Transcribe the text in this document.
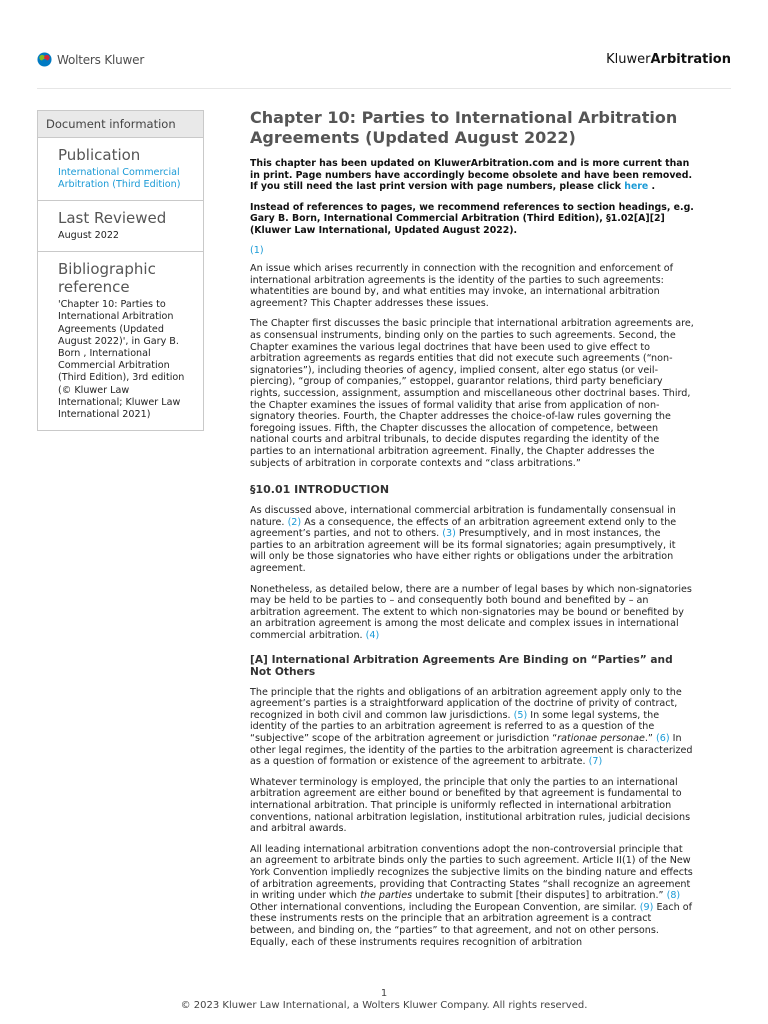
Wolters Kluwer	KluwerArbitration
Document information
Publication
International Commercial Arbitration (Third Edition)
Last Reviewed
August 2022
Bibliographic reference
'Chapter 10: Parties to International Arbitration Agreements (Updated August 2022)', in Gary B. Born , International Commercial Arbitration (Third Edition), 3rd edition (© Kluwer Law International; Kluwer Law International 2021)
Chapter 10: Parties to International Arbitration Agreements (Updated August 2022)
This chapter has been updated on KluwerArbitration.com and is more current than in print. Page numbers have accordingly become obsolete and have been removed. If you still need the last print version with page numbers, please click here .
Instead of references to pages, we recommend references to section headings, e.g. Gary B. Born, International Commercial Arbitration (Third Edition), §1.02[A][2] (Kluwer Law International, Updated August 2022).
(1)

An issue which arises recurrently in connection with the recognition and enforcement of international arbitration agreements is the identity of the parties to such agreements: whatentities are bound by, and what entities may invoke, an international arbitration agreement? This Chapter addresses these issues.

The Chapter first discusses the basic principle that international arbitration agreements are, as consensual instruments, binding only on the parties to such agreements. Second, the Chapter examines the various legal doctrines that have been used to give effect to arbitration agreements as regards entities that did not execute such agreements (“non-signatories”), including theories of agency, implied consent, alter ego status (or veil-piercing), “group of companies,” estoppel, guarantor relations, third party beneficiary rights, succession, assignment, assumption and miscellaneous other doctrinal bases. Third, the Chapter examines the issues of formal validity that arise from application of non-signatory theories. Fourth, the Chapter addresses the choice-of-law rules governing the foregoing issues. Fifth, the Chapter discusses the allocation of competence, between national courts and arbitral tribunals, to decide disputes regarding the identity of the parties to an international arbitration agreement. Finally, the Chapter addresses the subjects of arbitration in corporate contexts and “class arbitrations.”

§10.01 INTRODUCTION

As discussed above, international commercial arbitration is fundamentally consensual in nature. (2) As a consequence, the effects of an arbitration agreement extend only to the agreement’s parties, and not to others. (3) Presumptively, and in most instances, the parties to an arbitration agreement will be its formal signatories; again presumptively, it will only be those signatories who have either rights or obligations under the arbitration agreement.

Nonetheless, as detailed below, there are a number of legal bases by which non-signatories may be held to be parties to – and consequently both bound and benefited by – an arbitration agreement. The extent to which non-signatories may be bound or benefited by an arbitration agreement is among the most delicate and complex issues in international commercial arbitration. (4)

[A] International Arbitration Agreements Are Binding on “Parties” and Not Others

The principle that the rights and obligations of an arbitration agreement apply only to the agreement’s parties is a straightforward application of the doctrine of privity of contract, recognized in both civil and common law jurisdictions. (5) In some legal systems, the identity of the parties to an arbitration agreement is referred to as a question of the “subjective” scope of the arbitration agreement or jurisdiction “rationae personae.” (6) In other legal regimes, the identity of the parties to the arbitration agreement is characterized as a question of formation or existence of the agreement to arbitrate. (7)

Whatever terminology is employed, the principle that only the parties to an international arbitration agreement are either bound or benefited by that agreement is fundamental to international arbitration. That principle is uniformly reflected in international arbitration conventions, national arbitration legislation, institutional arbitration rules, judicial decisions and arbitral awards.

All leading international arbitration conventions adopt the non-controversial principle that an agreement to arbitrate binds only the parties to such agreement. Article II(1) of the New York Convention impliedly recognizes the subjective limits on the binding nature and effects of arbitration agreements, providing that Contracting States “shall recognize an agreement in writing under which the parties undertake to submit [their disputes] to arbitration.” (8) Other international conventions, including the European Convention, are similar. (9) Each of these instruments rests on the principle that an arbitration agreement is a contract between, and binding on, the “parties” to that agreement, and not on other persons. Equally, each of these instruments requires recognition of arbitration

1
© 2023 Kluwer Law International, a Wolters Kluwer Company. All rights reserved.
